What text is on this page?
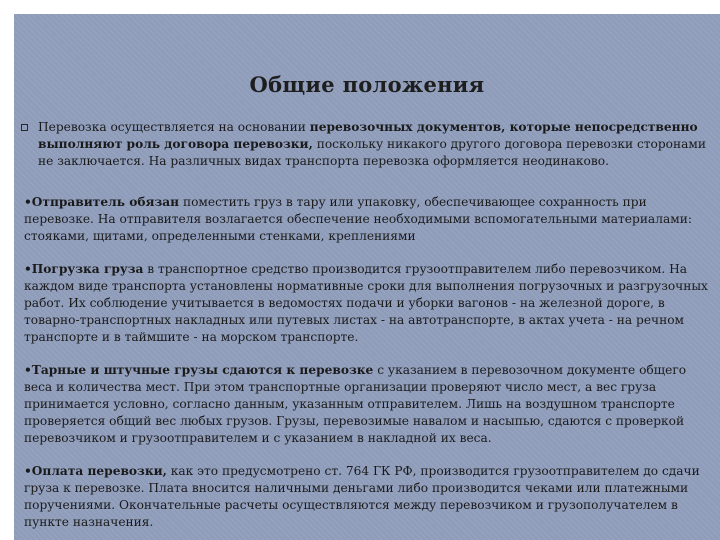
Общие положения
Перевозка осуществляется на основании перевозочных документов, которые непосредственно выполняют роль договора перевозки, поскольку никакого другого договора перевозки сторонами не заключается. На различных видах транспорта перевозка оформляется неодинаково.
•Отправитель обязан поместить груз в тару или упаковку, обеспечивающее сохранность при перевозке. На отправителя возлагается обеспечение необходимыми вспомогательными материалами: стояками, щитами, определенными стенками, креплениями
•Погрузка груза в транспортное средство производится грузоотправителем либо перевозчиком. На каждом виде транспорта установлены нормативные сроки для выполнения погрузочных и разгрузочных работ. Их соблюдение учитывается в ведомостях подачи и уборки вагонов - на железной дороге, в товарно-транспортных накладных или путевых листах - на автотранспорте, в актах учета - на речном транспорте и в таймшите - на морском транспорте.
•Тарные и штучные грузы сдаются к перевозке с указанием в перевозочном документе общего веса и количества мест. При этом транспортные организации проверяют число мест, а вес груза принимается условно, согласно данным, указанным отправителем. Лишь на воздушном транспорте проверяется общий вес любых грузов. Грузы, перевозимые навалом и насыпью, сдаются с проверкой перевозчиком и грузоотправителем и с указанием в накладной их веса.
•Оплата перевозки, как это предусмотрено ст. 764 ГК РФ, производится грузоотправителем до сдачи груза к перевозке. Плата вносится наличными деньгами либо производится чеками или платежными поручениями. Окончательные расчеты осуществляются между перевозчиком и грузополучателем в пункте назначения.
